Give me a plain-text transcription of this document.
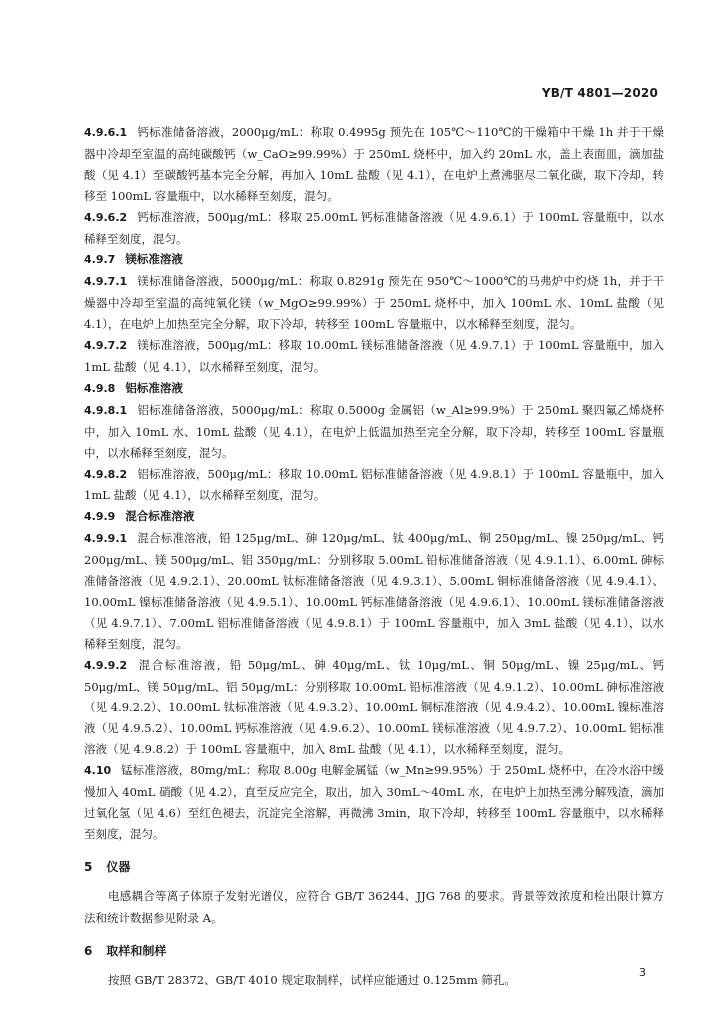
YB/T 4801—2020

4.9.6.1 钙标准储备溶液，2000μg/mL：称取 0.4995g 预先在 105℃～110℃的干燥箱中干燥 1h 并于干燥器中冷却至室温的高纯碳酸钙（w_CaO≥99.99%）于 250mL 烧杯中，加入约 20mL 水，盖上表面皿，滴加盐酸（见 4.1）至碳酸钙基本完全分解，再加入 10mL 盐酸（见 4.1），在电炉上煮沸驱尽二氧化碳，取下冷却，转移至 100mL 容量瓶中，以水稀释至刻度，混匀。

4.9.6.2 钙标准溶液，500μg/mL：移取 25.00mL 钙标准储备溶液（见 4.9.6.1）于 100mL 容量瓶中，以水稀释至刻度，混匀。

4.9.7 镁标准溶液

4.9.7.1 镁标准储备溶液，5000μg/mL：称取 0.8291g 预先在 950℃～1000℃的马弗炉中灼烧 1h，并于干燥器中冷却至室温的高纯氧化镁（w_MgO≥99.99%）于 250mL 烧杯中，加入 100mL 水、10mL 盐酸（见 4.1），在电炉上加热至完全分解，取下冷却，转移至 100mL 容量瓶中，以水稀释至刻度，混匀。

4.9.7.2 镁标准溶液，500μg/mL：移取 10.00mL 镁标准储备溶液（见 4.9.7.1）于 100mL 容量瓶中，加入 1mL 盐酸（见 4.1），以水稀释至刻度，混匀。

4.9.8 铝标准溶液

4.9.8.1 铝标准储备溶液，5000μg/mL：称取 0.5000g 金属铝（w_Al≥99.9%）于 250mL 聚四氟乙烯烧杯中，加入 10mL 水、10mL 盐酸（见 4.1），在电炉上低温加热至完全分解，取下冷却，转移至 100mL 容量瓶中，以水稀释至刻度，混匀。

4.9.8.2 铝标准溶液，500μg/mL：移取 10.00mL 铝标准储备溶液（见 4.9.8.1）于 100mL 容量瓶中，加入 1mL 盐酸（见 4.1），以水稀释至刻度，混匀。

4.9.9 混合标准溶液

4.9.9.1 混合标准溶液，铅 125μg/mL、砷 120μg/mL、钛 400μg/mL、铜 250μg/mL、镍 250μg/mL、钙 200μg/mL、镁 500μg/mL、铝 350μg/mL：分别移取 5.00mL 铅标准储备溶液（见 4.9.1.1）、6.00mL 砷标准储备溶液（见 4.9.2.1）、20.00mL 钛标准储备溶液（见 4.9.3.1）、5.00mL 铜标准储备溶液（见 4.9.4.1）、10.00mL 镍标准储备溶液（见 4.9.5.1）、10.00mL 钙标准储备溶液（见 4.9.6.1）、10.00mL 镁标准储备溶液（见 4.9.7.1）、7.00mL 铝标准储备溶液（见 4.9.8.1）于 100mL 容量瓶中，加入 3mL 盐酸（见 4.1），以水稀释至刻度，混匀。

4.9.9.2 混合标准溶液，铅 50μg/mL、砷 40μg/mL、钛 10μg/mL、铜 50μg/mL、镍 25μg/mL、钙 50μg/mL、镁 50μg/mL、铝 50μg/mL：分别移取 10.00mL 铅标准溶液（见 4.9.1.2）、10.00mL 砷标准溶液（见 4.9.2.2）、10.00mL 钛标准溶液（见 4.9.3.2）、10.00mL 铜标准溶液（见 4.9.4.2）、10.00mL 镍标准溶液（见 4.9.5.2）、10.00mL 钙标准溶液（见 4.9.6.2）、10.00mL 镁标准溶液（见 4.9.7.2）、10.00mL 铝标准溶液（见 4.9.8.2）于 100mL 容量瓶中，加入 8mL 盐酸（见 4.1），以水稀释至刻度，混匀。

4.10 锰标准溶液，80mg/mL：称取 8.00g 电解金属锰（w_Mn≥99.95%）于 250mL 烧杯中，在冷水浴中缓慢加入 40mL 硝酸（见 4.2），直至反应完全，取出，加入 30mL～40mL 水，在电炉上加热至沸分解残渣，滴加过氧化氢（见 4.6）至红色褪去，沉淀完全溶解，再微沸 3min，取下冷却，转移至 100mL 容量瓶中，以水稀释至刻度，混匀。

5 仪器

电感耦合等离子体原子发射光谱仪，应符合 GB/T 36244、JJG 768 的要求。背景等效浓度和检出限计算方法和统计数据参见附录 A。

6 取样和制样

按照 GB/T 28372、GB/T 4010 规定取制样，试样应能通过 0.125mm 筛孔。

3
